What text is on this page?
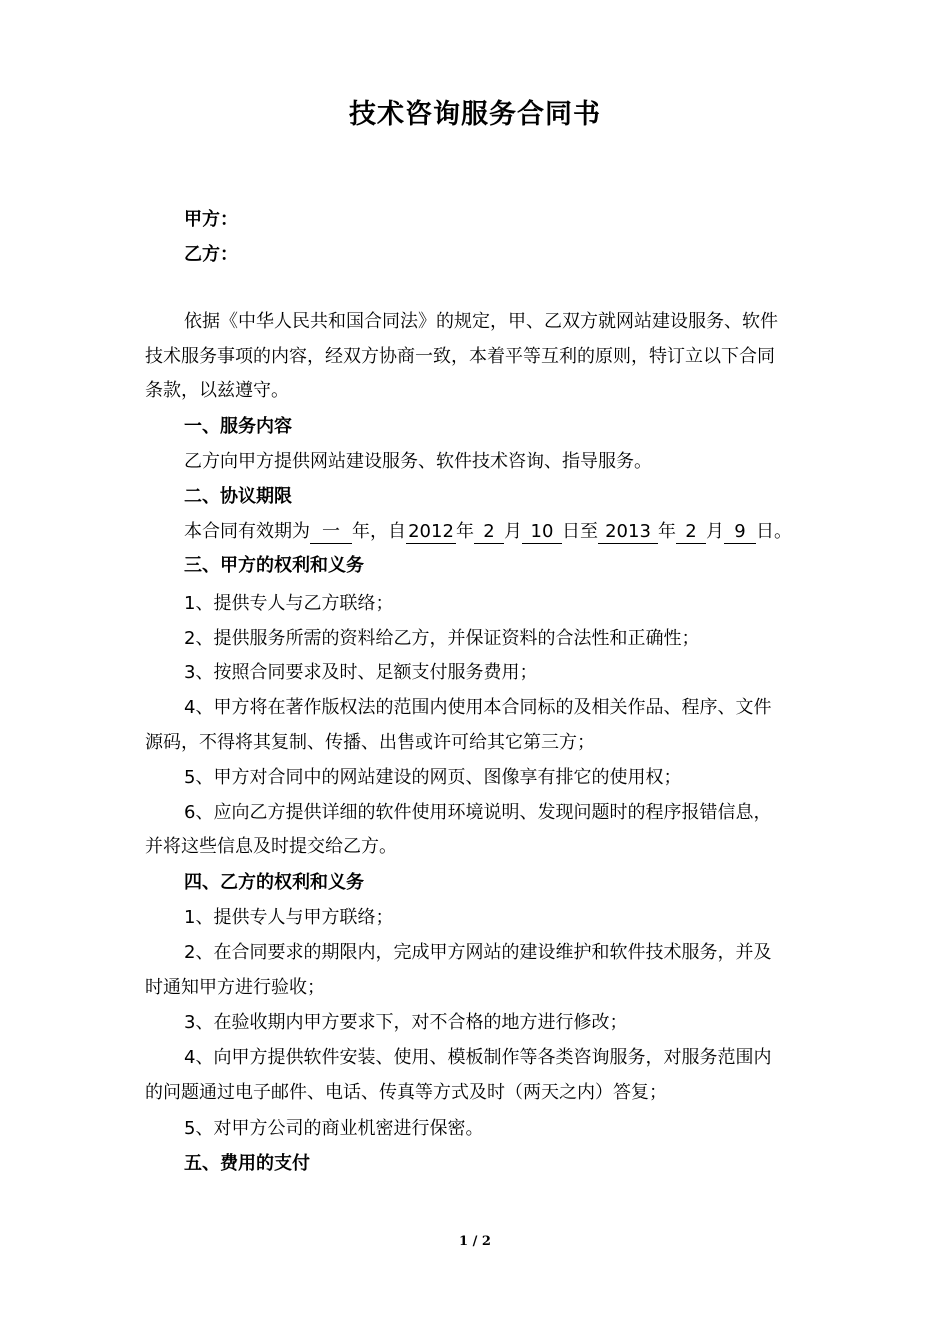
技术咨询服务合同书
甲方：
乙方：
依据《中华人民共和国合同法》的规定，甲、乙双方就网站建设服务、软件
技术服务事项的内容，经双方协商一致，本着平等互利的原则，特订立以下合同
条款，以兹遵守。
一、服务内容
乙方向甲方提供网站建设服务、软件技术咨询、指导服务。
二、协议期限
本合同有效期为 一 年，自 2012 年 2 月 10 日至 2013 年 2 月 9 日。
三、甲方的权利和义务
1、提供专人与乙方联络；
2、提供服务所需的资料给乙方，并保证资料的合法性和正确性；
3、按照合同要求及时、足额支付服务费用；
4、甲方将在著作版权法的范围内使用本合同标的及相关作品、程序、文件
源码，不得将其复制、传播、出售或许可给其它第三方；
5、甲方对合同中的网站建设的网页、图像享有排它的使用权；
6、应向乙方提供详细的软件使用环境说明、发现问题时的程序报错信息，
并将这些信息及时提交给乙方。
四、乙方的权利和义务
1、提供专人与甲方联络；
2、在合同要求的期限内，完成甲方网站的建设维护和软件技术服务，并及
时通知甲方进行验收；
3、在验收期内甲方要求下，对不合格的地方进行修改；
4、向甲方提供软件安装、使用、模板制作等各类咨询服务，对服务范围内
的问题通过电子邮件、电话、传真等方式及时（两天之内）答复；
5、对甲方公司的商业机密进行保密。
五、费用的支付
1 / 2
